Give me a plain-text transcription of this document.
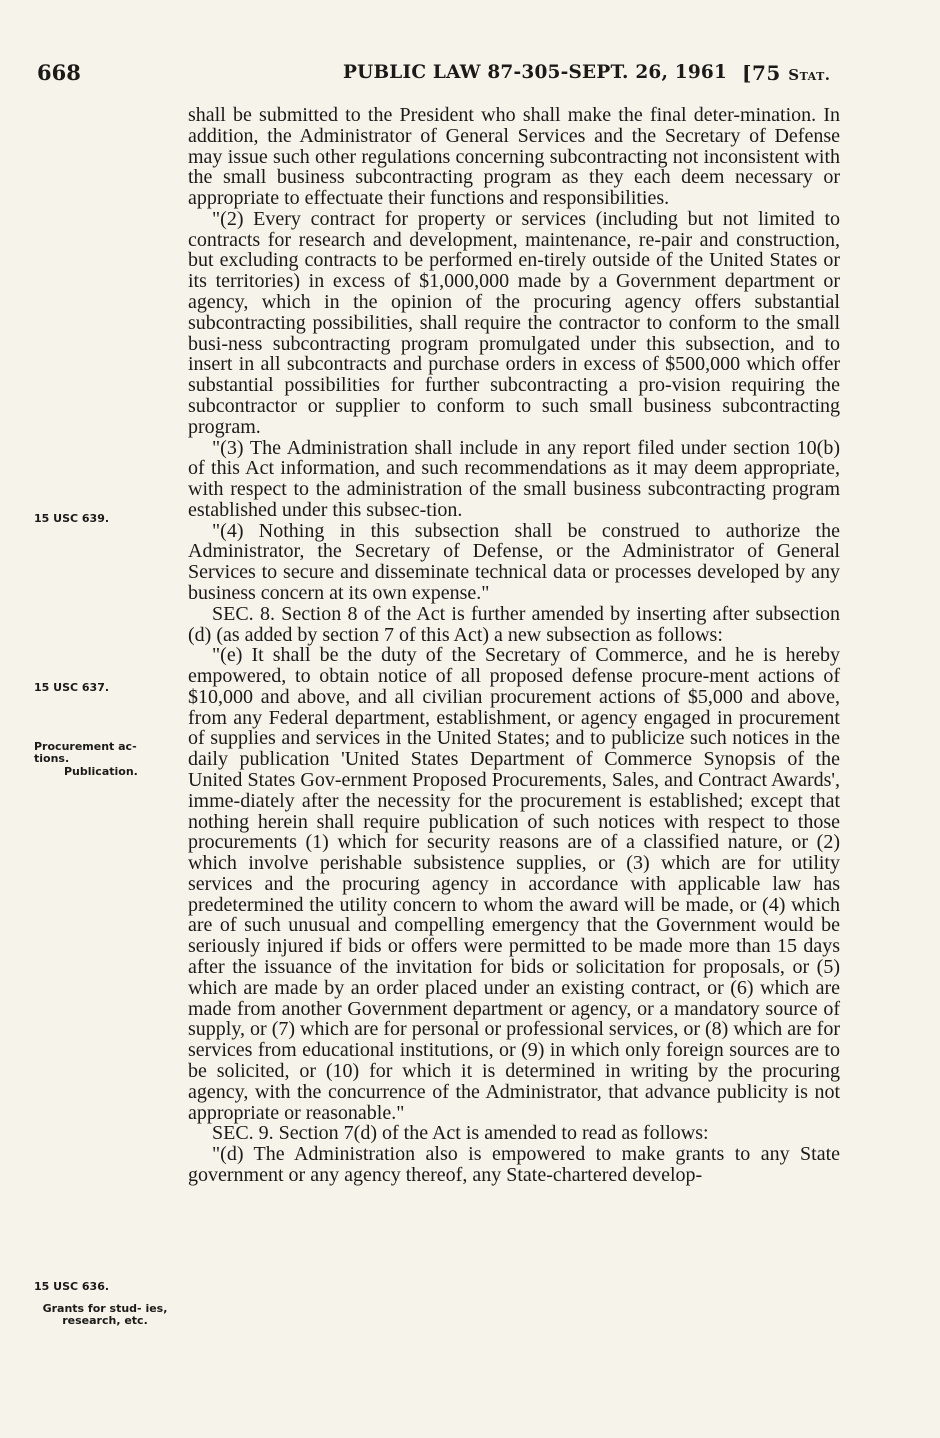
668	PUBLIC LAW 87-305-SEPT. 26, 1961 [75 Stat.
15 USC 639.
15 USC 637.
Procurement ac- tions.
Publication.
15 USC 636.
Grants for stud- ies, research, etc.

shall be submitted to the President who shall make the final deter-mination. In addition, the Administrator of General Services and the Secretary of Defense may issue such other regulations concerning subcontracting not inconsistent with the small business subcontracting program as they each deem necessary or appropriate to effectuate their functions and responsibilities.

"(2) Every contract for property or services (including but not limited to contracts for research and development, maintenance, re-pair and construction, but excluding contracts to be performed en-tirely outside of the United States or its territories) in excess of $1,000,000 made by a Government department or agency, which in the opinion of the procuring agency offers substantial subcontracting possibilities, shall require the contractor to conform to the small busi-ness subcontracting program promulgated under this subsection, and to insert in all subcontracts and purchase orders in excess of $500,000 which offer substantial possibilities for further subcontracting a pro-vision requiring the subcontractor or supplier to conform to such small business subcontracting program.

"(3) The Administration shall include in any report filed under section 10(b) of this Act information, and such recommendations as it may deem appropriate, with respect to the administration of the small business subcontracting program established under this subsec-tion.

"(4) Nothing in this subsection shall be construed to authorize the Administrator, the Secretary of Defense, or the Administrator of General Services to secure and disseminate technical data or processes developed by any business concern at its own expense."

SEC. 8. Section 8 of the Act is further amended by inserting after subsection (d) (as added by section 7 of this Act) a new subsection as follows:

"(e) It shall be the duty of the Secretary of Commerce, and he is hereby empowered, to obtain notice of all proposed defense procure-ment actions of $10,000 and above, and all civilian procurement actions of $5,000 and above, from any Federal department, establishment, or agency engaged in procurement of supplies and services in the United States; and to publicize such notices in the daily publication 'United States Department of Commerce Synopsis of the United States Gov-ernment Proposed Procurements, Sales, and Contract Awards', imme-diately after the necessity for the procurement is established; except that nothing herein shall require publication of such notices with respect to those procurements (1) which for security reasons are of a classified nature, or (2) which involve perishable subsistence supplies, or (3) which are for utility services and the procuring agency in accordance with applicable law has predetermined the utility concern to whom the award will be made, or (4) which are of such unusual and compelling emergency that the Government would be seriously injured if bids or offers were permitted to be made more than 15 days after the issuance of the invitation for bids or solicitation for proposals, or (5) which are made by an order placed under an existing contract, or (6) which are made from another Government department or agency, or a mandatory source of supply, or (7) which are for personal or professional services, or (8) which are for services from educational institutions, or (9) in which only foreign sources are to be solicited, or (10) for which it is determined in writing by the procuring agency, with the concurrence of the Administrator, that advance publicity is not appropriate or reasonable."

SEC. 9. Section 7(d) of the Act is amended to read as follows:

"(d) The Administration also is empowered to make grants to any State government or any agency thereof, any State-chartered develop-
